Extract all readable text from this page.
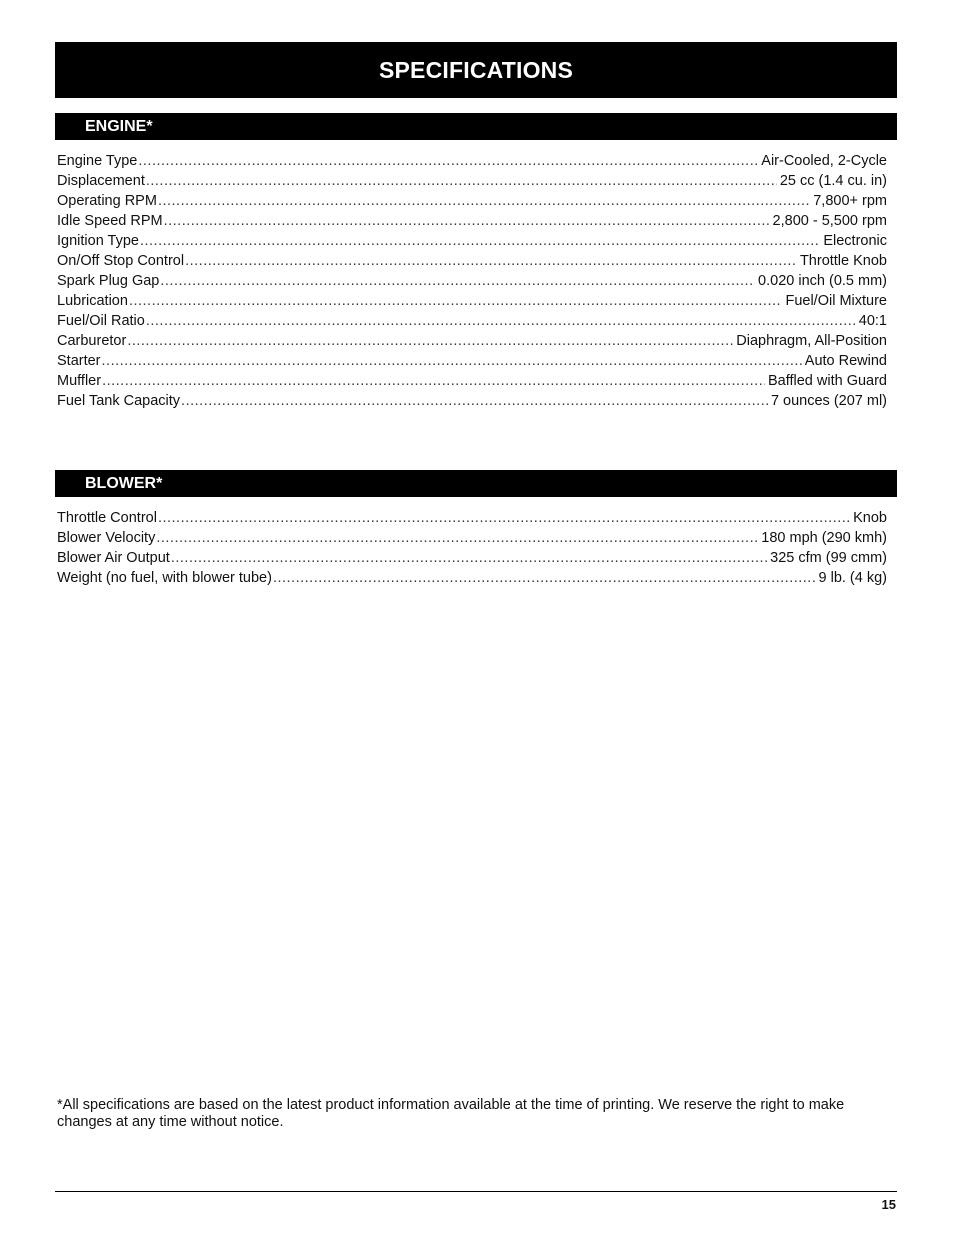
SPECIFICATIONS
ENGINE*
Engine Type .....	Air-Cooled, 2-Cycle
Displacement .....	25 cc (1.4 cu. in)
Operating RPM .....	7,800+ rpm
Idle Speed RPM .....	2,800 - 5,500 rpm
Ignition Type .....	Electronic
On/Off Stop Control .....	Throttle Knob
Spark Plug Gap .....	0.020 inch (0.5 mm)
Lubrication .....	Fuel/Oil Mixture
Fuel/Oil Ratio .....	40:1
Carburetor .....	Diaphragm, All-Position
Starter .....	Auto Rewind
Muffler .....	Baffled with Guard
Fuel Tank Capacity .....	7 ounces (207 ml)
BLOWER*
Throttle Control .....	Knob
Blower Velocity .....	180 mph (290 kmh)
Blower Air Output .....	325 cfm (99 cmm)
Weight (no fuel, with blower tube) .....	9 lb. (4 kg)

*All specifications are based on the latest product information available at the time of printing. We reserve the right to make changes at any time without notice.

15
